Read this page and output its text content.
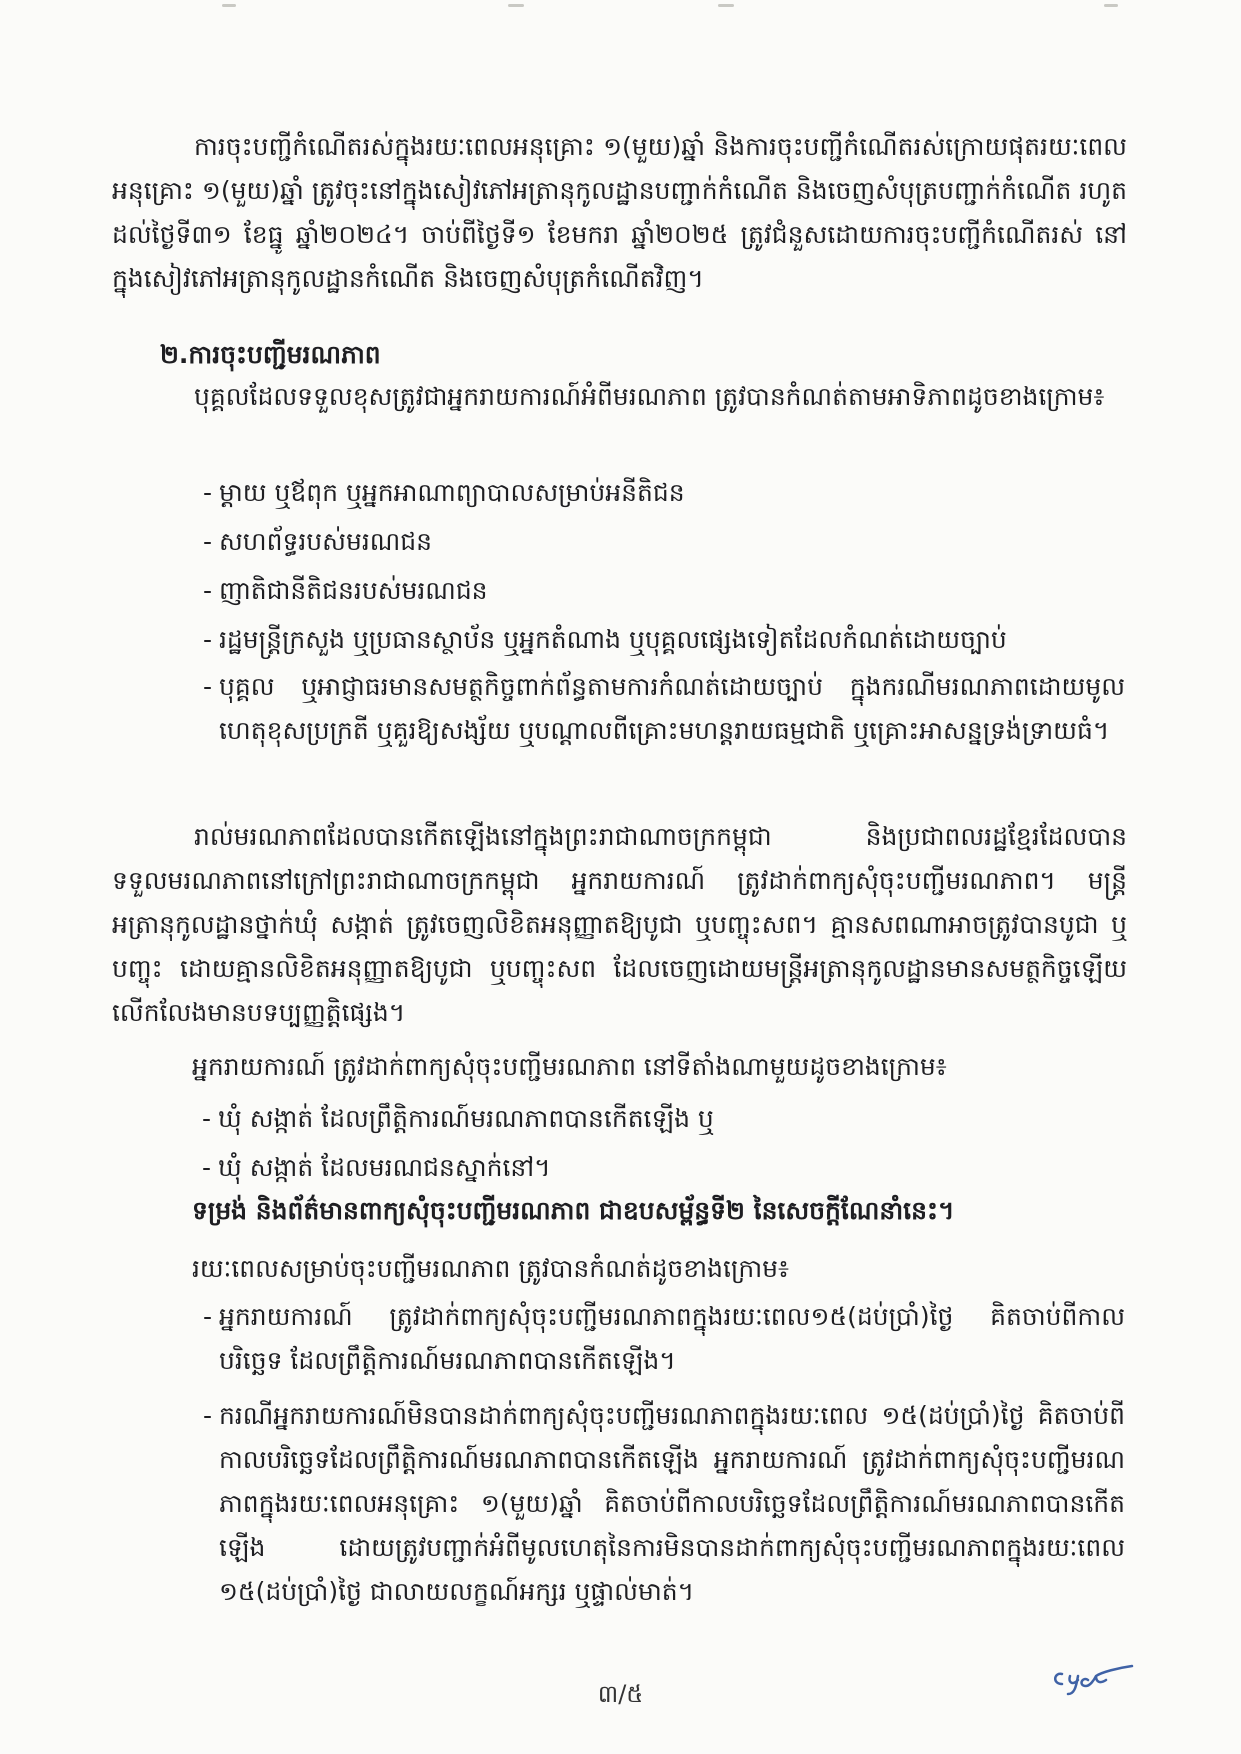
ការចុះបញ្ជីកំណើតរស់ក្នុងរយៈពេលអនុគ្រោះ ១(មួយ)ឆ្នាំ និងការចុះបញ្ជីកំណើតរស់ក្រោយផុតរយៈពេលអនុគ្រោះ ១(មួយ)ឆ្នាំ ត្រូវចុះនៅក្នុងសៀវភៅអត្រានុកូលដ្ឋានបញ្ជាក់កំណើត និងចេញសំបុត្របញ្ជាក់កំណើត រហូតដល់ថ្ងៃទី៣១ ខែធ្នូ ឆ្នាំ២០២៤។ ចាប់ពីថ្ងៃទី១ ខែមករា ឆ្នាំ២០២៥ ត្រូវជំនួសដោយការចុះបញ្ជីកំណើតរស់ នៅក្នុងសៀវភៅអត្រានុកូលដ្ឋានកំណើត និងចេញសំបុត្រកំណើតវិញ។

២.ការចុះបញ្ជីមរណភាព

បុគ្គលដែលទទួលខុសត្រូវជាអ្នករាយការណ៍អំពីមរណភាព ត្រូវបានកំណត់តាមអាទិភាពដូចខាងក្រោម៖

- ម្ដាយ ឬឪពុក ឬអ្នកអាណាព្យាបាលសម្រាប់អនីតិជន
- សហព័ទ្ធរបស់មរណជន
- ញាតិជានីតិជនរបស់មរណជន
- រដ្ឋមន្ត្រីក្រសួង ឬប្រធានស្ថាប័ន ឬអ្នកតំណាង ឬបុគ្គលផ្សេងទៀតដែលកំណត់ដោយច្បាប់
- បុគ្គល ឬអាជ្ញាធរមានសមត្ថកិច្ចពាក់ព័ន្ធតាមការកំណត់ដោយច្បាប់ ក្នុងករណីមរណភាពដោយមូលហេតុខុសប្រក្រតី ឬគួរឱ្យសង្ស័យ ឬបណ្ដាលពីគ្រោះមហន្តរាយធម្មជាតិ ឬគ្រោះអាសន្នទ្រង់ទ្រាយធំ។

រាល់មរណភាពដែលបានកើតឡើងនៅក្នុងព្រះរាជាណាចក្រកម្ពុជា និងប្រជាពលរដ្ឋខ្មែរដែលបានទទួលមរណភាពនៅក្រៅព្រះរាជាណាចក្រកម្ពុជា អ្នករាយការណ៍ ត្រូវដាក់ពាក្យសុំចុះបញ្ជីមរណភាព។ មន្ត្រីអត្រានុកូលដ្ឋានថ្នាក់ឃុំ សង្កាត់ ត្រូវចេញលិខិតអនុញ្ញាតឱ្យបូជា ឬបញ្ចុះសព។ គ្មានសពណាអាចត្រូវបានបូជា ឬបញ្ចុះ ដោយគ្មានលិខិតអនុញ្ញាតឱ្យបូជា ឬបញ្ចុះសព ដែលចេញដោយមន្ត្រីអត្រានុកូលដ្ឋានមានសមត្ថកិច្ចឡើយ លើកលែងមានបទប្បញ្ញត្តិផ្សេង។

អ្នករាយការណ៍ ត្រូវដាក់ពាក្យសុំចុះបញ្ជីមរណភាព នៅទីតាំងណាមួយដូចខាងក្រោម៖

- ឃុំ សង្កាត់ ដែលព្រឹត្តិការណ៍មរណភាពបានកើតឡើង ឬ
- ឃុំ សង្កាត់ ដែលមរណជនស្នាក់នៅ។

ទម្រង់ និងព័ត៌មានពាក្យសុំចុះបញ្ជីមរណភាព ជាឧបសម្ព័ន្ធទី២ នៃសេចក្ដីណែនាំនេះ។

រយៈពេលសម្រាប់ចុះបញ្ជីមរណភាព ត្រូវបានកំណត់ដូចខាងក្រោម៖

- អ្នករាយការណ៍ ត្រូវដាក់ពាក្យសុំចុះបញ្ជីមរណភាពក្នុងរយៈពេល១៥(ដប់ប្រាំ)ថ្ងៃ គិតចាប់ពីកាលបរិច្ឆេទ ដែលព្រឹត្តិការណ៍មរណភាពបានកើតឡើង។
- ករណីអ្នករាយការណ៍មិនបានដាក់ពាក្យសុំចុះបញ្ជីមរណភាពក្នុងរយៈពេល ១៥(ដប់ប្រាំ)ថ្ងៃ គិតចាប់ពីកាលបរិច្ឆេទដែលព្រឹត្តិការណ៍មរណភាពបានកើតឡើង អ្នករាយការណ៍ ត្រូវដាក់ពាក្យសុំចុះបញ្ជីមរណភាពក្នុងរយៈពេលអនុគ្រោះ ១(មួយ)ឆ្នាំ គិតចាប់ពីកាលបរិច្ឆេទដែលព្រឹត្តិការណ៍មរណភាពបានកើតឡើង ដោយត្រូវបញ្ជាក់អំពីមូលហេតុនៃការមិនបានដាក់ពាក្យសុំចុះបញ្ជីមរណភាពក្នុងរយៈពេល ១៥(ដប់ប្រាំ)ថ្ងៃ ជាលាយលក្ខណ៍អក្សរ ឬផ្ទាល់មាត់។
៣/៥
